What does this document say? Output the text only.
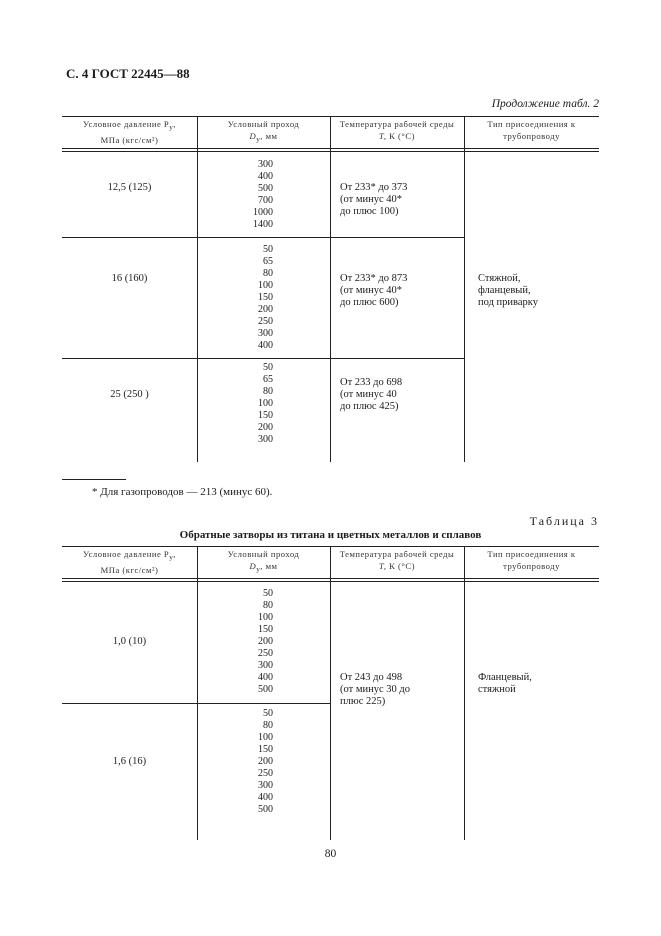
С. 4 ГОСТ 22445—88
Продолженuе табл. 2
Условное давление $Р_у$,
МПа (кгс/см²)
Условный проход
$D_у$, мм
Температура рабочей среды
Т, К (°С)
Тип присоединения к
трубопроводу
12,5 (125)
300
400
500
700
1000
1400
От 233* до 373
(от минус 40*
до плюс 100)
16 (160)
50
65
80
100
150
200
250
300
400
От 233* до 873
(от минус 40*
до плюс 600)
25 (250 )
50
65
80
100
150
200
300
От 233 до 698
(от минус 40
до плюс 425)
Стяжной,
фланцевый,
под приварку
* Для газопроводов — 213 (минус 60).
Таблица 3
Обратные затворы из титана и цветных металлов и сплавов
Условное давление $Р_у$,
МПа (кгс/см²)
Условный проход
$D_у$, мм
Температура рабочей среды
Т, К (°С)
Тип присоединения к
трубопроводу
1,0 (10)
50
80
100
150
200
250
300
400
500
1,6 (16)
50
80
100
150
200
250
300
400
500
От 243 до 498
(от минус 30 до
плюс 225)
Фланцевый,
стяжной
80
